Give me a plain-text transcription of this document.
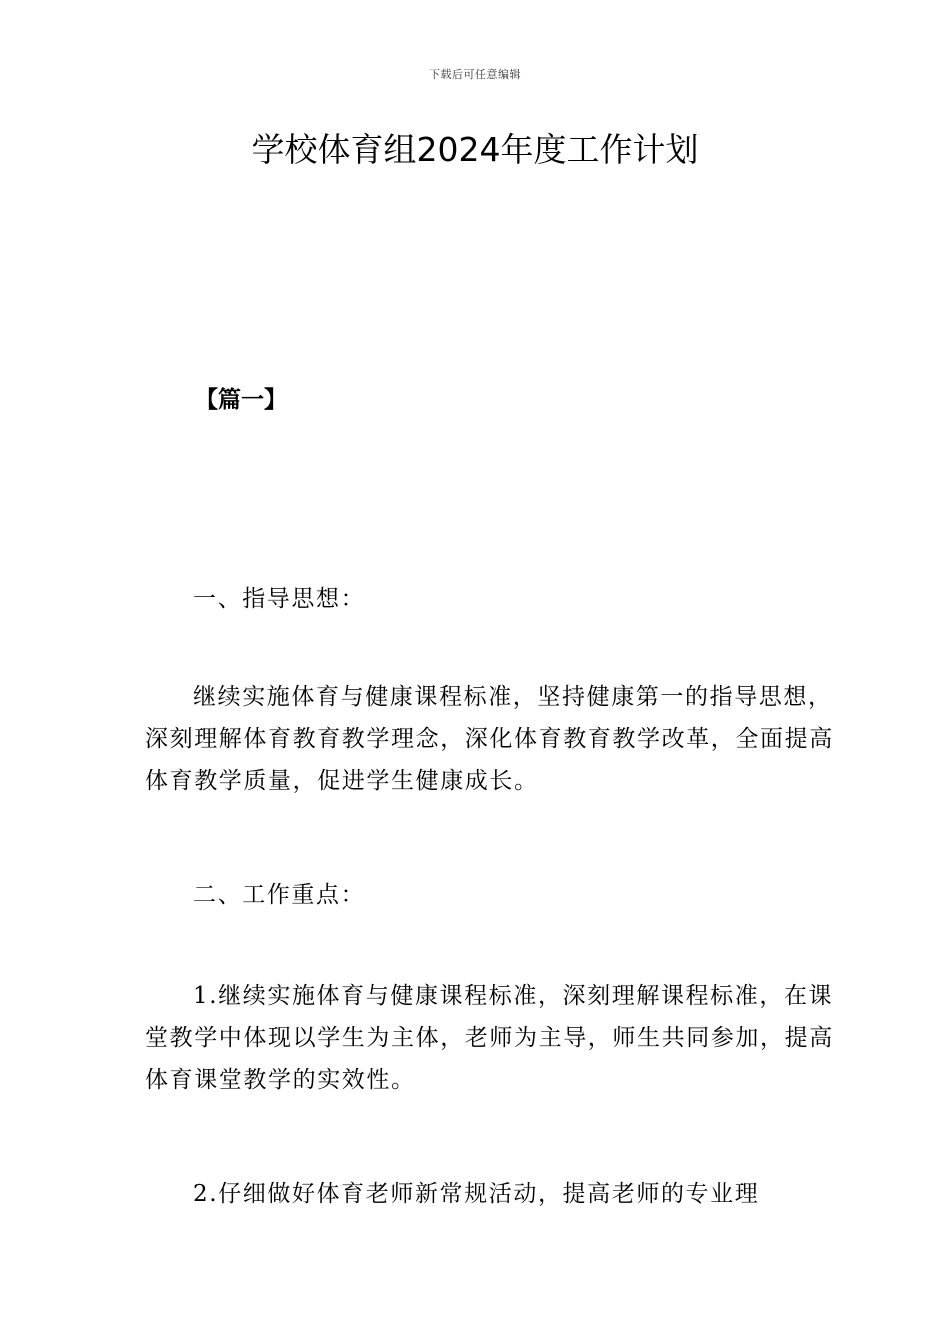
下载后可任意编辑
学校体育组2024年度工作计划
【篇一】

一、指导思想：

继续实施体育与健康课程标准，坚持健康第一的指导思想，深刻理解体育教育教学理念，深化体育教育教学改革，全面提高体育教学质量，促进学生健康成长。

二、工作重点：

1.继续实施体育与健康课程标准，深刻理解课程标准，在课堂教学中体现以学生为主体，老师为主导，师生共同参加，提高体育课堂教学的实效性。

2.仔细做好体育老师新常规活动，提高老师的专业理
